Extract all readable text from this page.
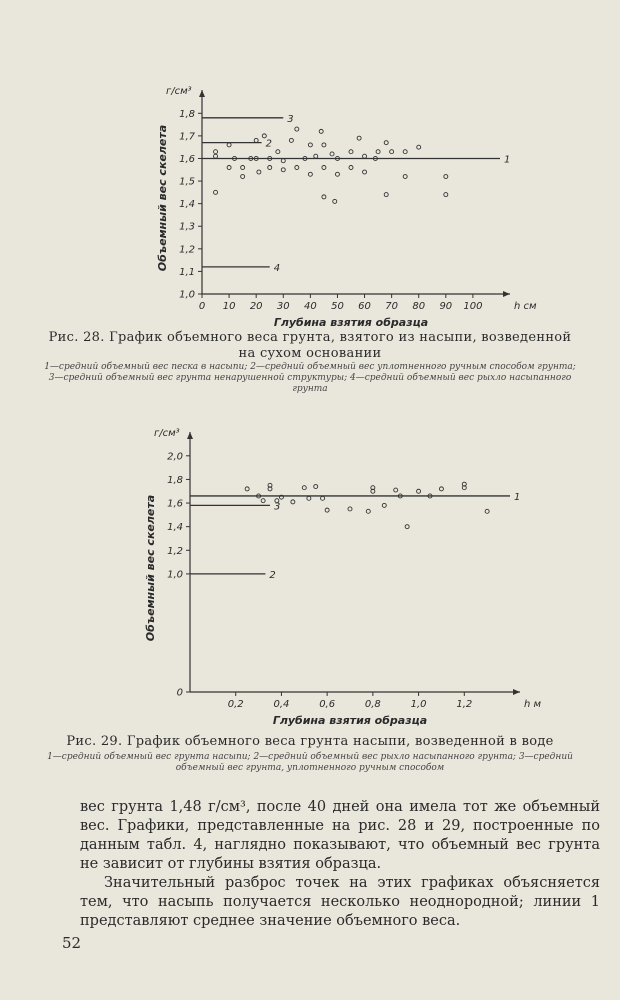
1,8
1,7
1,6
1,5
1,4
1,3
1,2
1,1
1,0
0 10 20 30 40 50 60 70 80 90 100	h см
г/см³
Глубина взятия образца
Объемный вес скелета	1
2
3
4
Рис. 28. График объемного веса грунта, взятого из насыпи, возведенной на сухом основании
1—средний объемный вес песка в насыпи; 2—средний объемный вес уплотненного ручным способом грунта; 3—средний объемный вес грунта ненарушенной структуры; 4—средний объемный вес рыхло насыпанного грунта
2,0
1,8
1,6
1,4
1,2
1,0
0
0,2	0,4	0,6	0,8	1,0	1,2	h м
г/см³
Глубина взятия образца
Объемный вес скелета	1
3
2
Рис. 29. График объемного веса грунта насыпи, возведенной в воде
1—средний объемный вес грунта насыпи; 2—средний объемный вес рыхло насыпанного грунта; 3—средний объемный вес грунта, уплотненного ручным способом

вес грунта 1,48 г/см³, после 40 дней она имела тот же объемный вес. Графики, представленные на рис. 28 и 29, построенные по данным табл. 4, наглядно показывают, что объемный вес грунта не зависит от глубины взятия образца.

Значительный разброс точек на этих графиках объясняется тем, что насыпь получается несколько неоднородной; линии 1 представляют среднее значение объемного веса.

52
